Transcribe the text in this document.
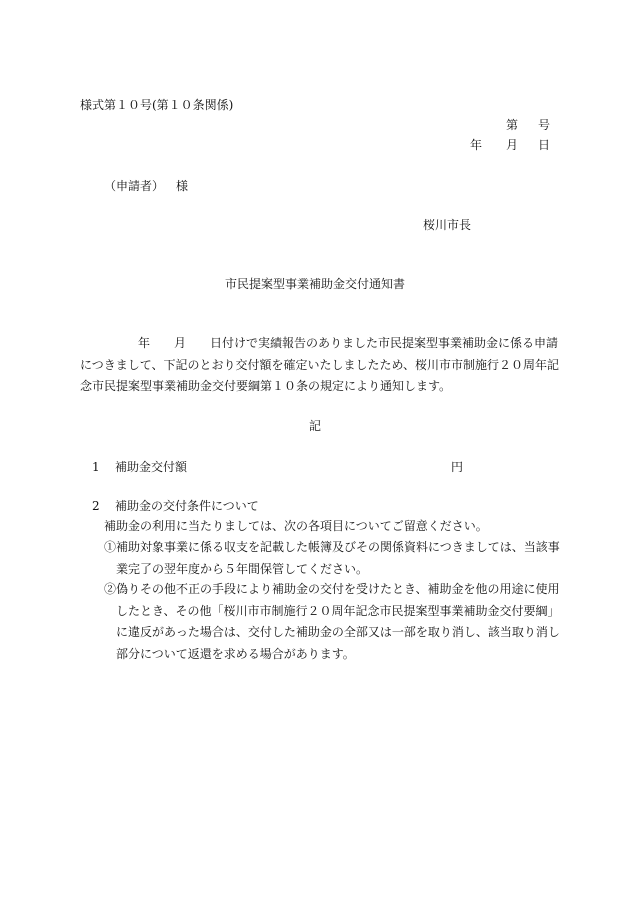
様式第１０号(第１０条関係)
第 号
年 月 日
（申請者） 様
桜川市長
市民提案型事業補助金交付通知書
年 月 日付けで実績報告のありました市民提案型事業補助金に係る申請
につきまして、下記のとおり交付額を確定いたしましたため、桜川市市制施行２０周年記
念市民提案型事業補助金交付要綱第１０条の規定により通知します。
記
1 補助金交付額	円
2 補助金の交付条件について
補助金の利用に当たりましては、次の各項目についてご留意ください。
①補助対象事業に係る収支を記載した帳簿及びその関係資料につきましては、当該事
業完了の翌年度から５年間保管してください。
②偽りその他不正の手段により補助金の交付を受けたとき、補助金を他の用途に使用
したとき、その他「桜川市市制施行２０周年記念市民提案型事業補助金交付要綱」
に違反があった場合は、交付した補助金の全部又は一部を取り消し、該当取り消し
部分について返還を求める場合があります。
